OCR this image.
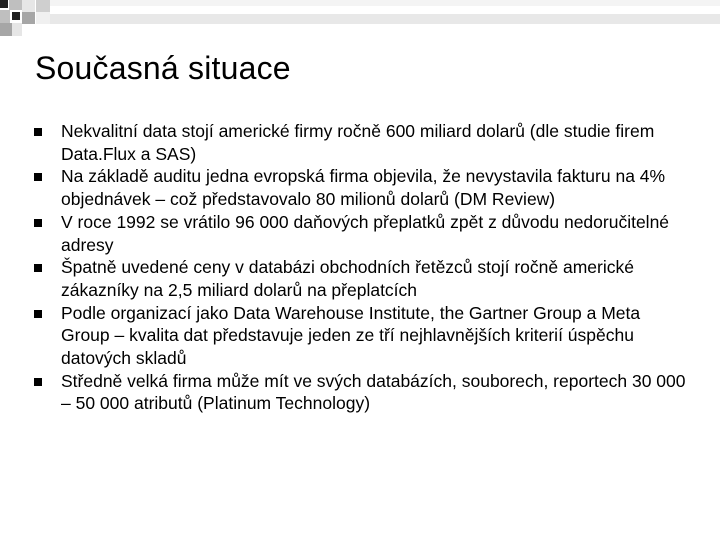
Současná situace
Nekvalitní data stojí americké firmy ročně 600 miliard dolarů (dle studie firem Data.Flux a SAS)
Na základě auditu jedna evropská firma objevila, že nevystavila fakturu na 4% objednávek – což představovalo 80 milionů dolarů (DM Review)
V roce 1992 se vrátilo 96 000 daňových přeplatků zpět z důvodu nedoručitelné adresy
Špatně uvedené ceny v databázi obchodních řetězců stojí ročně americké zákazníky na 2,5 miliard dolarů na přeplatcích
Podle organizací jako Data Warehouse Institute, the Gartner Group a Meta Group – kvalita dat představuje jeden ze tří nejhlavnějších kriterií úspěchu datových skladů
Středně velká firma může mít ve svých databázích, souborech, reportech 30 000 – 50 000 atributů (Platinum Technology)
